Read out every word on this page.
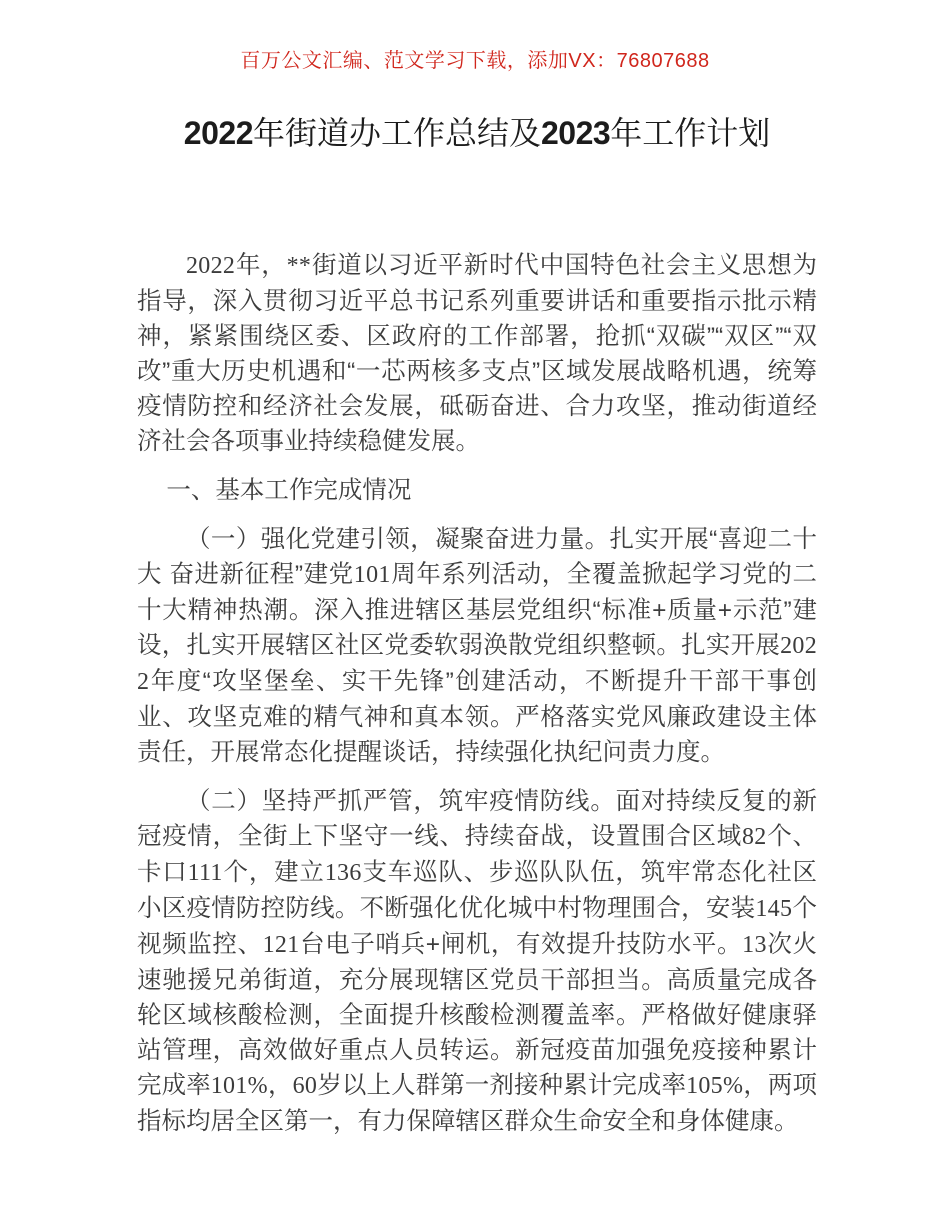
百万公文汇编、范文学习下载，添加VX：76807688
2022年街道办工作总结及2023年工作计划

2022年，**街道以习近平新时代中国特色社会主义思想为指导，深入贯彻习近平总书记系列重要讲话和重要指示批示精神，紧紧围绕区委、区政府的工作部署，抢抓“双碳”“双区”“双改”重大历史机遇和“一芯两核多支点”区域发展战略机遇，统筹疫情防控和经济社会发展，砥砺奋进、合力攻坚，推动街道经济社会各项事业持续稳健发展。

一、基本工作完成情况

（一）强化党建引领，凝聚奋进力量。扎实开展“喜迎二十大 奋进新征程”建党101周年系列活动，全覆盖掀起学习党的二十大精神热潮。深入推进辖区基层党组织“标准+质量+示范”建设，扎实开展辖区社区党委软弱涣散党组织整顿。扎实开展2022年度“攻坚堡垒、实干先锋”创建活动，不断提升干部干事创业、攻坚克难的精气神和真本领。严格落实党风廉政建设主体责任，开展常态化提醒谈话，持续强化执纪问责力度。

（二）坚持严抓严管，筑牢疫情防线。面对持续反复的新冠疫情，全街上下坚守一线、持续奋战，设置围合区域82个、卡口111个，建立136支车巡队、步巡队队伍，筑牢常态化社区小区疫情防控防线。不断强化优化城中村物理围合，安装145个视频监控、121台电子哨兵+闸机，有效提升技防水平。13次火速驰援兄弟街道，充分展现辖区党员干部担当。高质量完成各轮区域核酸检测，全面提升核酸检测覆盖率。严格做好健康驿站管理，高效做好重点人员转运。新冠疫苗加强免疫接种累计完成率101%，60岁以上人群第一剂接种累计完成率105%，两项指标均居全区第一，有力保障辖区群众生命安全和身体健康。
